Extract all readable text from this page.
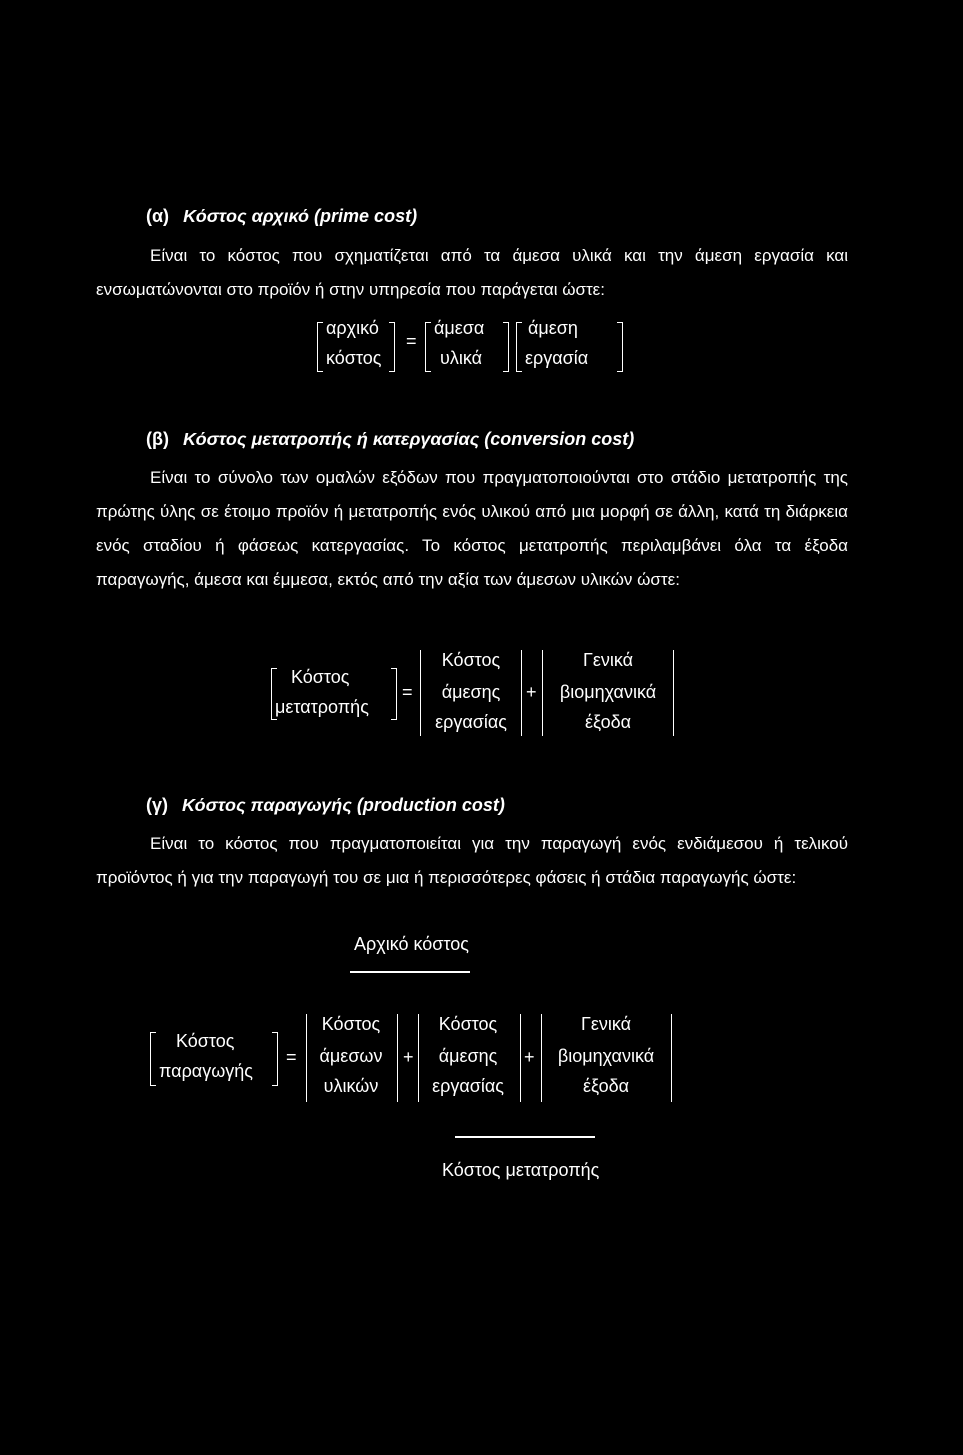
(α) Κόστος αρχικό (prime cost)
Είναι το κόστος που σχηματίζεται από τα άμεσα υλικά και την άμεση εργασία και ενσωματώνονται στο προϊόν ή στην υπηρεσία που παράγεται ώστε:
αρχικό
κόστος
=
άμεσα
υλικά
άμεση
εργασία
(β) Κόστος μετατροπής ή κατεργασίας (conversion cost)
Είναι το σύνολο των ομαλών εξόδων που πραγματοποιούνται στο στάδιο μετατροπής της πρώτης ύλης σε έτοιμο προϊόν ή μετατροπής ενός υλικού από μια μορφή σε άλλη, κατά τη διάρκεια ενός σταδίου ή φάσεως κατεργασίας. Το κόστος μετατροπής περιλαμβάνει όλα τα έξοδα παραγωγής, άμεσα και έμμεσα, εκτός από την αξία των άμεσων υλικών ώστε:
Κόστος
μετατροπής
=
Κόστος
άμεσης
εργασίας
+
Γενικά
βιομηχανικά
έξοδα
(γ) Κόστος παραγωγής (production cost)
Είναι το κόστος που πραγματοποιείται για την παραγωγή ενός ενδιάμεσου ή τελικού προϊόντος ή για την παραγωγή του σε μια ή περισσότερες φάσεις ή στάδια παραγωγής ώστε:
Αρχικό κόστος
Κόστος
παραγωγής
=
Κόστος
άμεσων
υλικών
+
Κόστος
άμεσης
εργασίας
+
Γενικά
βιομηχανικά
έξοδα
Κόστος μετατροπής
